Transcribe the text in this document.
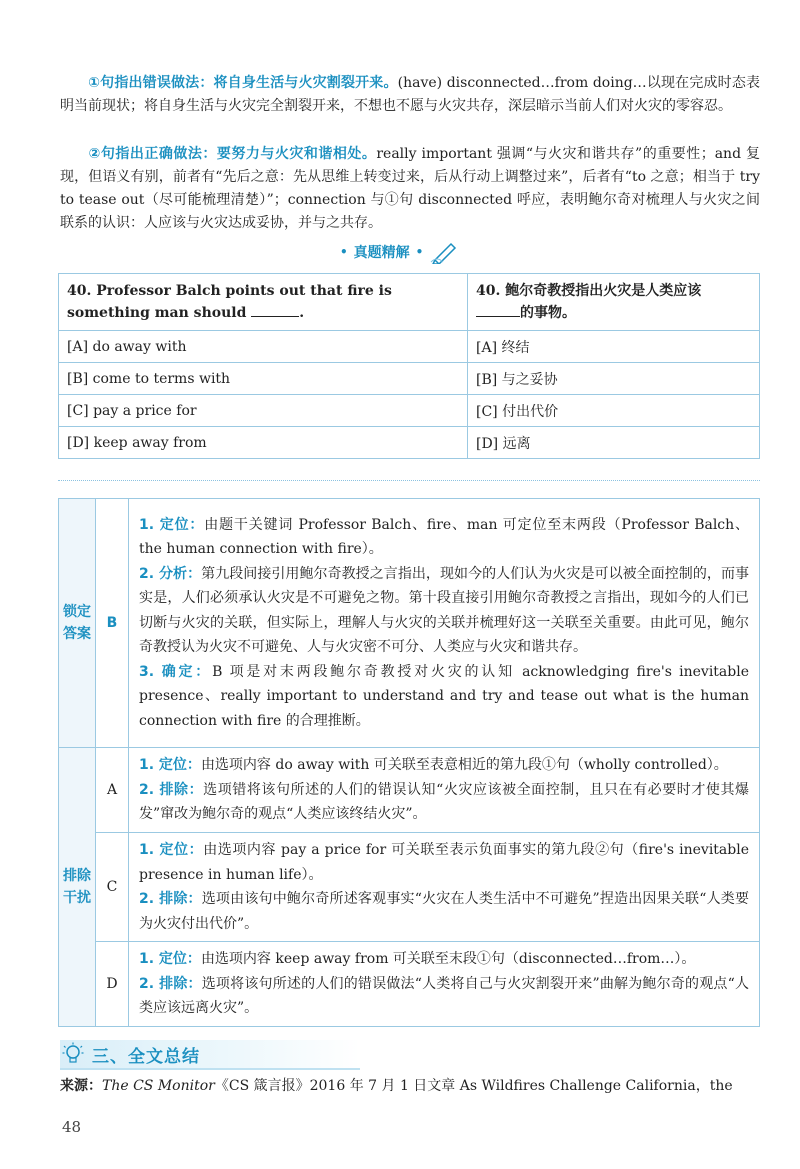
①句指出错误做法：将自身生活与火灾割裂开来。(have) disconnected…from doing…以现在完成时态表明当前现状；将自身生活与火灾完全割裂开来，不想也不愿与火灾共存，深层暗示当前人们对火灾的零容忍。
②句指出正确做法：要努力与火灾和谐相处。really important 强调“与火灾和谐共存”的重要性；and 复现，但语义有别，前者有“先后之意：先从思维上转变过来，后从行动上调整过来”，后者有“to 之意；相当于 try to tease out（尽可能梳理清楚）”；connection 与①句 disconnected 呼应，表明鲍尔奇对梳理人与火灾之间联系的认识：人应该与火灾达成妥协，并与之共存。
• 真题精解 •
40. Professor Balch points out that fire is something man should .	40. 鲍尔奇教授指出火灾是人类应该
的事物。
[A] do away with	[A] 终结
[B] come to terms with	[B] 与之妥协
[C] pay a price for	[C] 付出代价
[D] keep away from	[D] 远离
锁定答案	B	1. 定位：由题干关键词 Professor Balch、fire、man 可定位至末两段（Professor Balch、the human connection with fire）。
2. 分析：第九段间接引用鲍尔奇教授之言指出，现如今的人们认为火灾是可以被全面控制的，而事实是，人们必须承认火灾是不可避免之物。第十段直接引用鲍尔奇教授之言指出，现如今的人们已切断与火灾的关联，但实际上，理解人与火灾的关联并梳理好这一关联至关重要。由此可见，鲍尔奇教授认为火灾不可避免、人与火灾密不可分、人类应与火灾和谐共存。
3. 确定：B 项是对末两段鲍尔奇教授对火灾的认知 acknowledging fire's inevitable presence、really important to understand and try and tease out what is the human connection with fire 的合理推断。

排除干扰	A	1. 定位：由选项内容 do away with 可关联至表意相近的第九段①句（wholly controlled）。
2. 排除：选项错将该句所述的人们的错误认知“火灾应该被全面控制，且只在有必要时才使其爆发”窜改为鲍尔奇的观点“人类应该终结火灾”。

	C	1. 定位：由选项内容 pay a price for 可关联至表示负面事实的第九段②句（fire's inevitable presence in human life）。
2. 排除：选项由该句中鲍尔奇所述客观事实“火灾在人类生活中不可避免”捏造出因果关联“人类要为火灾付出代价”。

	D	1. 定位：由选项内容 keep away from 可关联至末段①句（disconnected…from…）。
2. 排除：选项将该句所述的人们的错误做法“人类将自己与火灾割裂开来”曲解为鲍尔奇的观点“人类应该远离火灾”。
三、全文总结
来源：The CS Monitor《CS 箴言报》2016 年 7 月 1 日文章 As Wildfires Challenge California，the
48
